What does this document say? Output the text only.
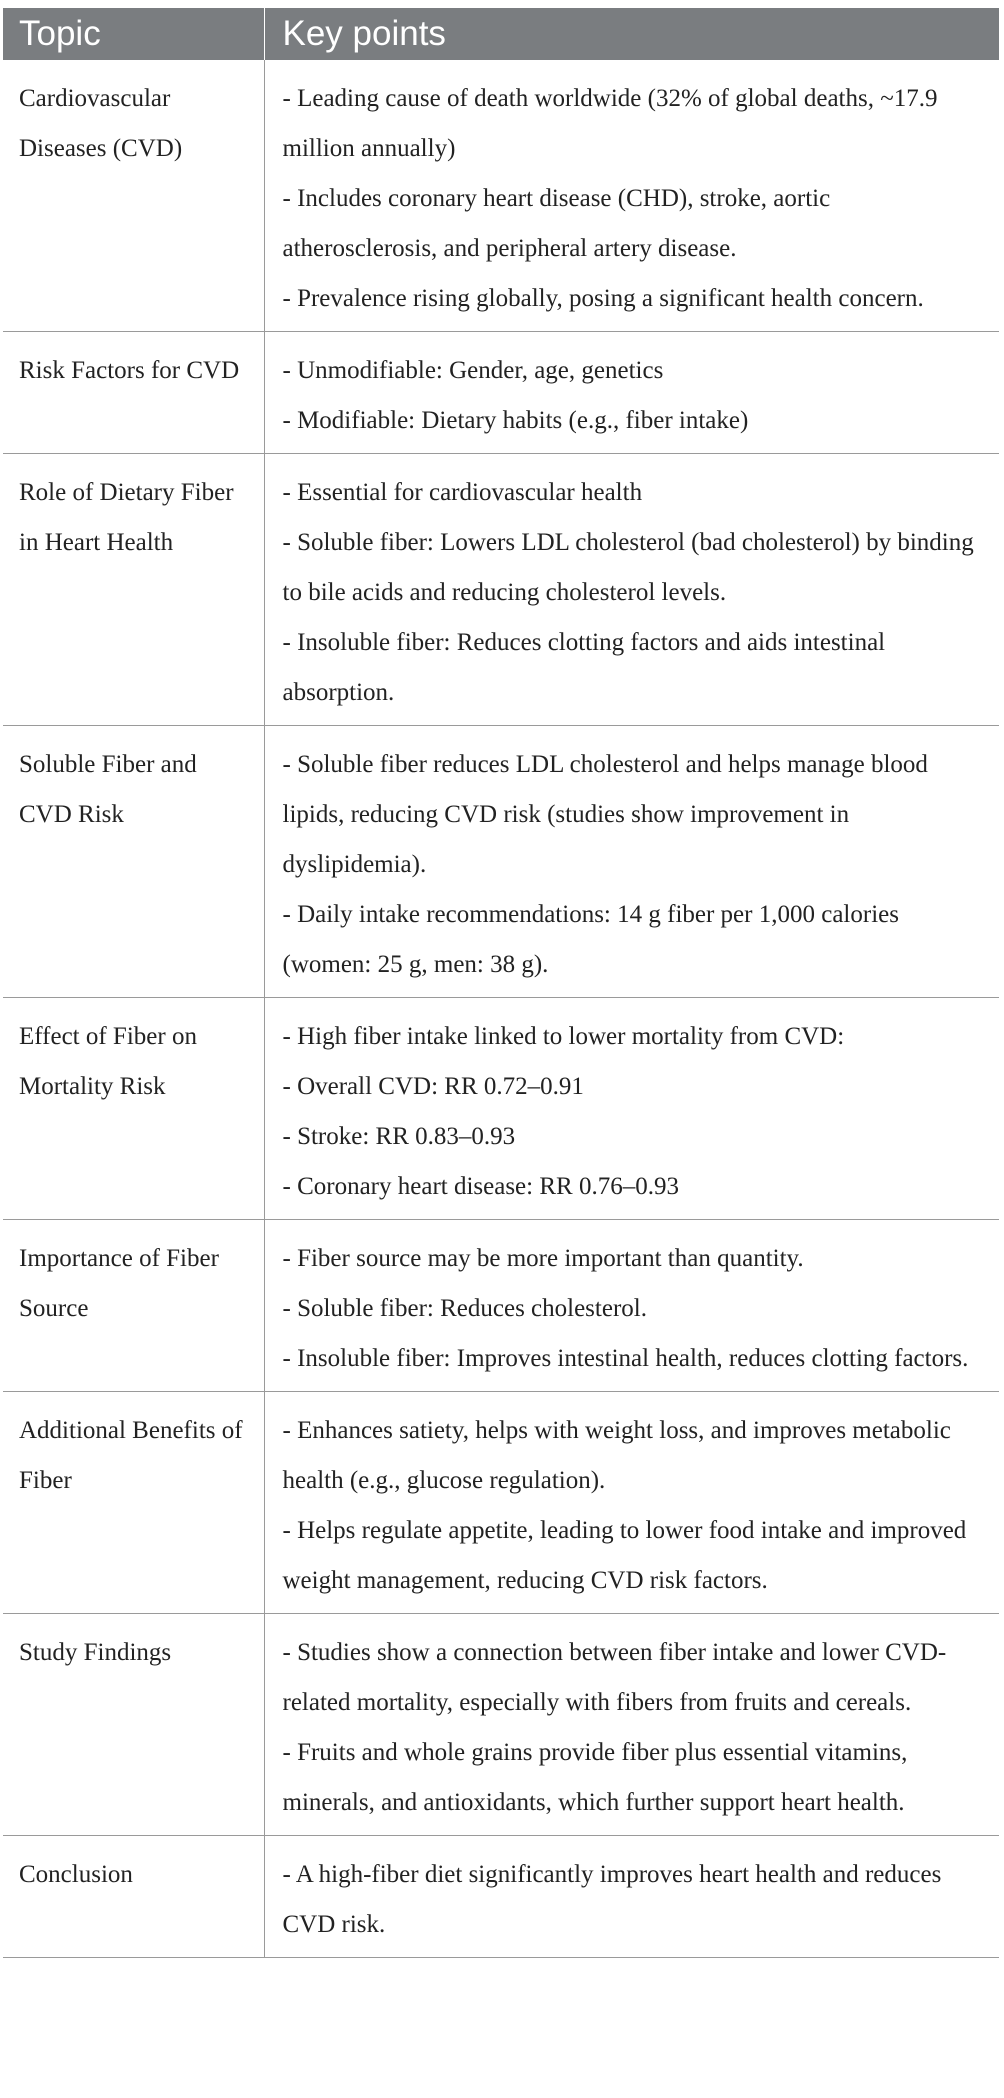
Topic	Key points
Cardiovascular Diseases (CVD)	- Leading cause of death worldwide (32% of global deaths, ~17.9 million annually)
- Includes coronary heart disease (CHD), stroke, aortic atherosclerosis, and peripheral artery disease.
- Prevalence rising globally, posing a significant health concern.

Risk Factors for CVD	- Unmodifiable: Gender, age, genetics
- Modifiable: Dietary habits (e.g., fiber intake)

Role of Dietary Fiber in Heart Health	- Essential for cardiovascular health
- Soluble fiber: Lowers LDL cholesterol (bad cholesterol) by binding to bile acids and reducing cholesterol levels.
- Insoluble fiber: Reduces clotting factors and aids intestinal absorption.

Soluble Fiber and CVD Risk	- Soluble fiber reduces LDL cholesterol and helps manage blood lipids, reducing CVD risk (studies show improvement in dyslipidemia).
- Daily intake recommendations: 14 g fiber per 1,000 calories (women: 25 g, men: 38 g).

Effect of Fiber on Mortality Risk	- High fiber intake linked to lower mortality from CVD:
- Overall CVD: RR 0.72–0.91
- Stroke: RR 0.83–0.93
- Coronary heart disease: RR 0.76–0.93

Importance of Fiber Source	- Fiber source may be more important than quantity.
- Soluble fiber: Reduces cholesterol.
- Insoluble fiber: Improves intestinal health, reduces clotting factors.

Additional Benefits of Fiber	- Enhances satiety, helps with weight loss, and improves metabolic health (e.g., glucose regulation).
- Helps regulate appetite, leading to lower food intake and improved weight management, reducing CVD risk factors.

Study Findings	- Studies show a connection between fiber intake and lower CVD-related mortality, especially with fibers from fruits and cereals.
- Fruits and whole grains provide fiber plus essential vitamins, minerals, and antioxidants, which further support heart health.

Conclusion	- A high-fiber diet significantly improves heart health and reduces CVD risk.
